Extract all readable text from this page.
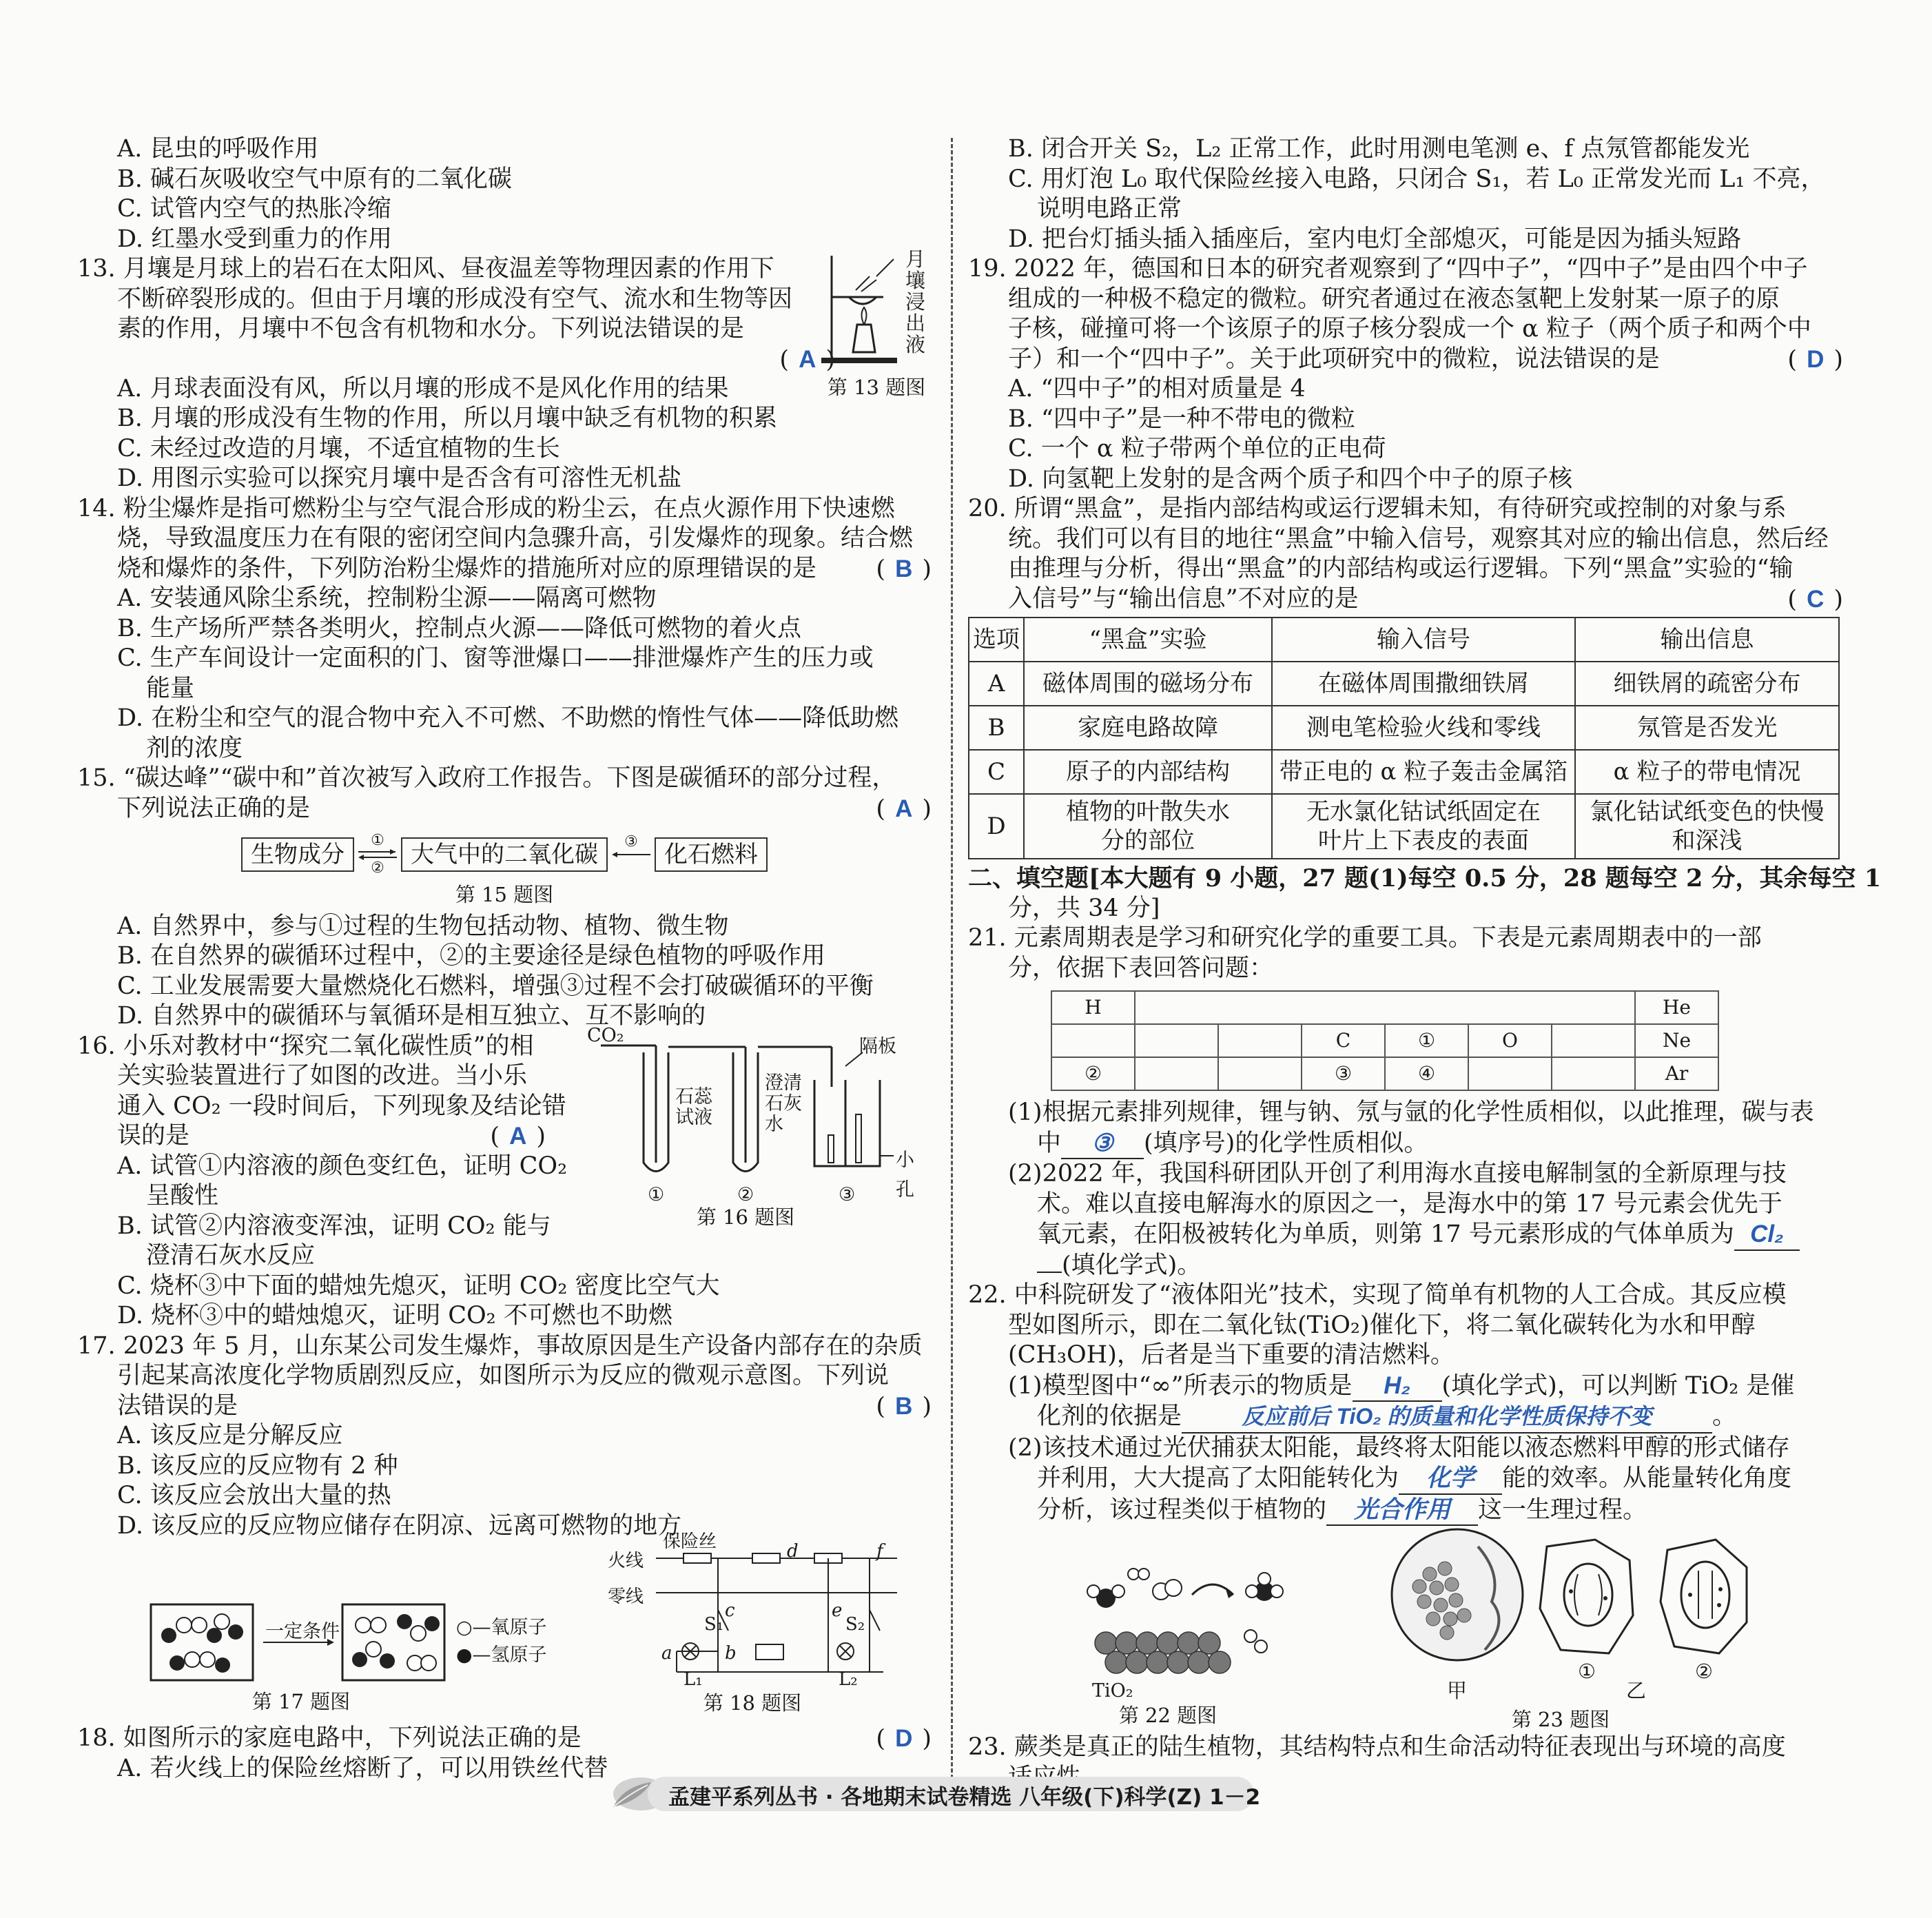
A. 昆虫的呼吸作用
B. 碱石灰吸收空气中原有的二氧化碳
C. 试管内空气的热胀冷缩
D. 红墨水受到重力的作用
13. 月壤是月球上的岩石在太阳风、昼夜温差等物理因素的作用下
不断碎裂形成的。但由于月壤的形成没有空气、流水和生物等因
素的作用，月壤中不包含有机物和水分。下列说法错误的是
( A
月壤浸出液
第 13 题图
A. 月球表面没有风，所以月壤的形成不是风化作用的结果
B. 月壤的形成没有生物的作用，所以月壤中缺乏有机物的积累
C. 未经过改造的月壤，不适宜植物的生长
D. 用图示实验可以探究月壤中是否含有可溶性无机盐
14. 粉尘爆炸是指可燃粉尘与空气混合形成的粉尘云，在点火源作用下快速燃
烧，导致温度压力在有限的密闭空间内急骤升高，引发爆炸的现象。结合燃
烧和爆炸的条件，下列防治粉尘爆炸的措施所对应的原理错误的是 ( B )
A. 安装通风除尘系统，控制粉尘源——隔离可燃物
B. 生产场所严禁各类明火，控制点火源——降低可燃物的着火点
C. 生产车间设计一定面积的门、窗等泄爆口——排泄爆炸产生的压力或
能量
D. 在粉尘和空气的混合物中充入不可燃、不助燃的惰性气体——降低助燃
剂的浓度
15. “碳达峰”“碳中和”首次被写入政府工作报告。下图是碳循环的部分过程，
下列说法正确的是	( A )
生物成分
①
②	大气中的二氧化碳	③
	化石燃料
第 15 题图
A. 自然界中，参与①过程的生物包括动物、植物、微生物
B. 在自然界的碳循环过程中，②的主要途径是绿色植物的呼吸作用
C. 工业发展需要大量燃烧化石燃料，增强③过程不会打破碳循环的平衡
D. 自然界中的碳循环与氧循环是相互独立、互不影响的
16. 小乐对教材中“探究二氧化碳性质”的相
关实验装置进行了如图的改进。当小乐
通入 CO₂ 一段时间后，下列现象及结论错
误的是	( A )
A. 试管①内溶液的颜色变红色，证明 CO₂
呈酸性
B. 试管②内溶液变浑浊，证明 CO₂ 能与
澄清石灰水反应
C. 烧杯③中下面的蜡烛先熄灭，证明 CO₂ 密度比空气大
D. 烧杯③中的蜡烛熄灭，证明 CO₂ 不可燃也不助燃
CO₂
隔板
石蕊试液
澄清石灰水
小孔
①	②	③
第 16 题图
17. 2023 年 5 月，山东某公司发生爆炸，事故原因是生产设备内部存在的杂质
引起某高浓度化学物质剧烈反应，如图所示为反应的微观示意图。下列说
法错误的是	( B )
A. 该反应是分解反应
B. 该反应的反应物有 2 种
C. 该反应会放出大量的热
D. 该反应的反应物应储存在阴凉、远离可燃物的地方
一定条件	○—氧原子
●—氢原子
第 17 题图
火线
零线
保险丝
c
d
e
f
a	b
S₁	S₂
L₁	L₂
第 18 题图
18. 如图所示的家庭电路中，下列说法正确的是	( D )
A. 若火线上的保险丝熔断了，可以用铁丝代替
B. 闭合开关 S₂，L₂ 正常工作，此时用测电笔测 e、f 点氖管都能发光
C. 用灯泡 L₀ 取代保险丝接入电路，只闭合 S₁，若 L₀ 正常发光而 L₁ 不亮，
说明电路正常
D. 把台灯插头插入插座后，室内电灯全部熄灭，可能是因为插头短路
19. 2022 年，德国和日本的研究者观察到了“四中子”，“四中子”是由四个中子
组成的一种极不稳定的微粒。研究者通过在液态氢靶上发射某一原子的原
子核，碰撞可将一个该原子的原子核分裂成一个 α 粒子（两个质子和两个中
子）和一个“四中子”。关于此项研究中的微粒，说法错误的是	( D )
A. “四中子”的相对质量是 4
B. “四中子”是一种不带电的微粒
C. 一个 α 粒子带两个单位的正电荷
D. 向氢靶上发射的是含两个质子和四个中子的原子核
20. 所谓“黑盒”，是指内部结构或运行逻辑未知，有待研究或控制的对象与系
统。我们可以有目的地往“黑盒”中输入信号，观察其对应的输出信息，然后经
由推理与分析，得出“黑盒”的内部结构或运行逻辑。下列“黑盒”实验的“输
入信号”与“输出信息”不对应的是	( C )
选项	“黑盒”实验	输入信号	输出信息
A	磁体周围的磁场分布	在磁体周围撒细铁屑	细铁屑的疏密分布
B	家庭电路故障	测电笔检验火线和零线	氖管是否发光
C	原子的内部结构	带正电的 α 粒子轰击金属箔	α 粒子的带电情况
D	植物的叶散失水分的部位	无水氯化钴试纸固定在叶片上下表皮的表面	氯化钴试纸变色的快慢和深浅
二、填空题[本大题有 9 小题，27 题(1)每空 0.5 分，28 题每空 2 分，其余每空 1
分，共 34 分]
21. 元素周期表是学习和研究化学的重要工具。下表是元素周期表中的一部
分，依据下表回答问题：
H							He
			C	①	O		Ne
②			③	④			Ar
(1)根据元素排列规律，锂与钠、氖与氩的化学性质相似，以此推理，碳与表
中 ③ (填序号)的化学性质相似。
(2)2022 年，我国科研团队开创了利用海水直接电解制氢的全新原理与技
术。难以直接电解海水的原因之一，是海水中的第 17 号元素会优先于
氧元素，在阳极被转化为单质，则第 17 号元素形成的气体单质为 Cl₂
(填化学式)。
22. 中科院研发了“液体阳光”技术，实现了简单有机物的人工合成。其反应模
型如图所示，即在二氧化钛(TiO₂)催化下，将二氧化碳转化为水和甲醇
(CH₃OH)，后者是当下重要的清洁燃料。
(1)模型图中“∞”所表示的物质是 H₂ (填化学式)，可以判断 TiO₂ 是催
化剂的依据是	反应前后 TiO₂ 的质量和化学性质保持不变	。
(2)该技术通过光伏捕获太阳能，最终将太阳能以液态燃料甲醇的形式储存
并利用，大大提高了太阳能转化为 化学 能的效率。从能量转化角度
分析，该过程类似于植物的 光合作用 这一生理过程。
TiO₂
第 22 题图
甲
①
乙
②
第 23 题图
23. 蕨类是真正的陆生植物，其结构特点和生命活动特征表现出与环境的高度
孟建平系列丛书 · 各地期末试卷精选 八年级(下)科学(Z) 1－2
